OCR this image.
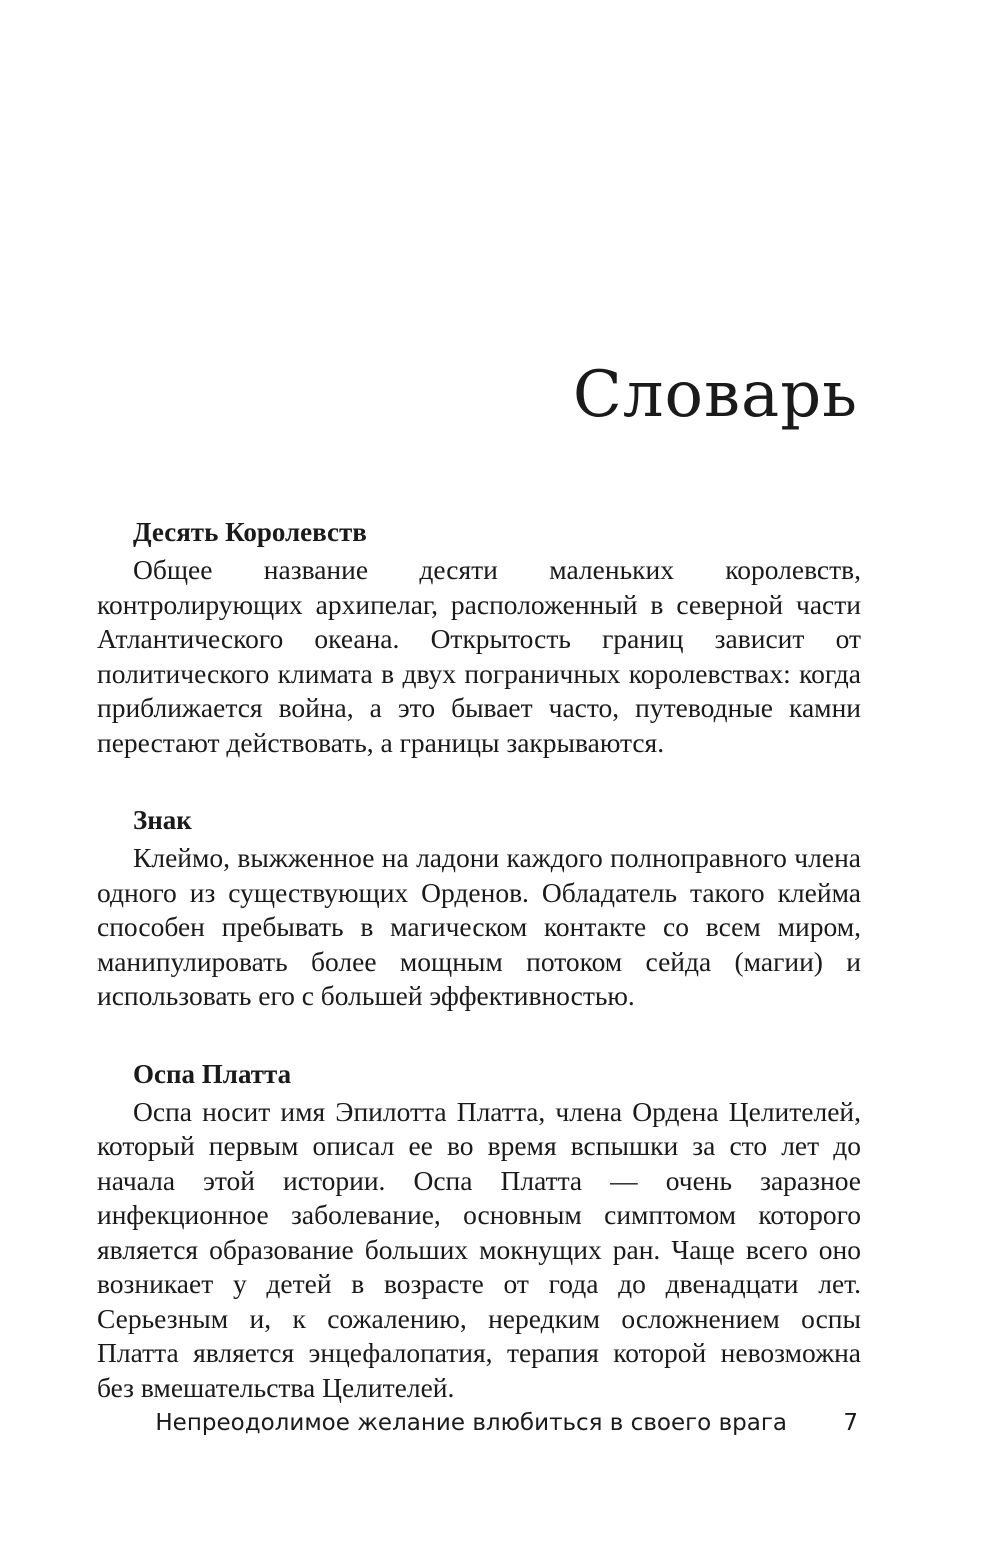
Словарь
Десять Королевств

Общее название десяти маленьких королевств, контролирующих архипелаг, расположенный в северной части Атлантического океана. Открытость границ зависит от политического климата в двух пограничных королевствах: когда приближается война, а это бывает часто, путеводные камни перестают действовать, а границы закрываются.

Знак

Клеймо, выжженное на ладони каждого полноправного члена одного из существующих Орденов. Обладатель такого клейма способен пребывать в магическом контакте со всем миром, манипулировать более мощным потоком сейда (магии) и использовать его с большей эффективностью.

Оспа Платта

Оспа носит имя Эпилотта Платта, члена Ордена Целителей, который первым описал ее во время вспышки за сто лет до начала этой истории. Оспа Платта — очень заразное инфекционное заболевание, основным симптомом которого является образование больших мокнущих ран. Чаще всего оно возникает у детей в возрасте от года до двенадцати лет. Серьезным и, к сожалению, нередким осложнением оспы Платта является энцефалопатия, терапия которой невозможна без вмешательства Целителей.

Непреодолимое желание влюбиться в своего врага 7
